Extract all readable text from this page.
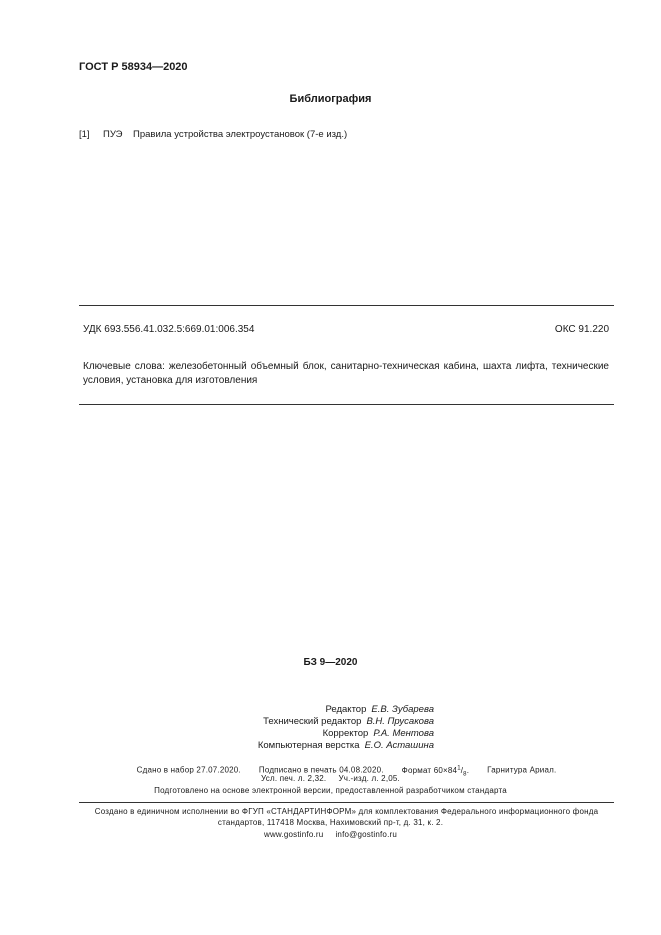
ГОСТ Р 58934—2020
Библиография
[1] ПУЭ Правила устройства электроустановок (7-е изд.)
УДК 693.556.41.032.5:669.01:006.354	ОКС 91.220
Ключевые слова: железобетонный объемный блок, санитарно-техническая кабина, шахта лифта, технические условия, установка для изготовления
БЗ 9—2020
Редактор Е.В. Зубарева
Технический редактор В.Н. Прусакова
Корректор Р.А. Ментова
Компьютерная верстка Е.О. Асташина
Сдано в набор 27.07.2020. Подписано в печать 04.08.2020. Формат $60\times 84^1/_8$. Гарнитура Ариал.
Усл. печ. л. 2,32.     Уч.-изд. л. 2,05.
Подготовлено на основе электронной версии, предоставленной разработчиком стандарта
Создано в единичном исполнении во ФГУП «СТАНДАРТИНФОРМ» для комплектования Федерального информационного фонда
стандартов, 117418 Москва, Нахимовский пр-т, д. 31, к. 2.
www.gostinfo.ru info@gostinfo.ru
